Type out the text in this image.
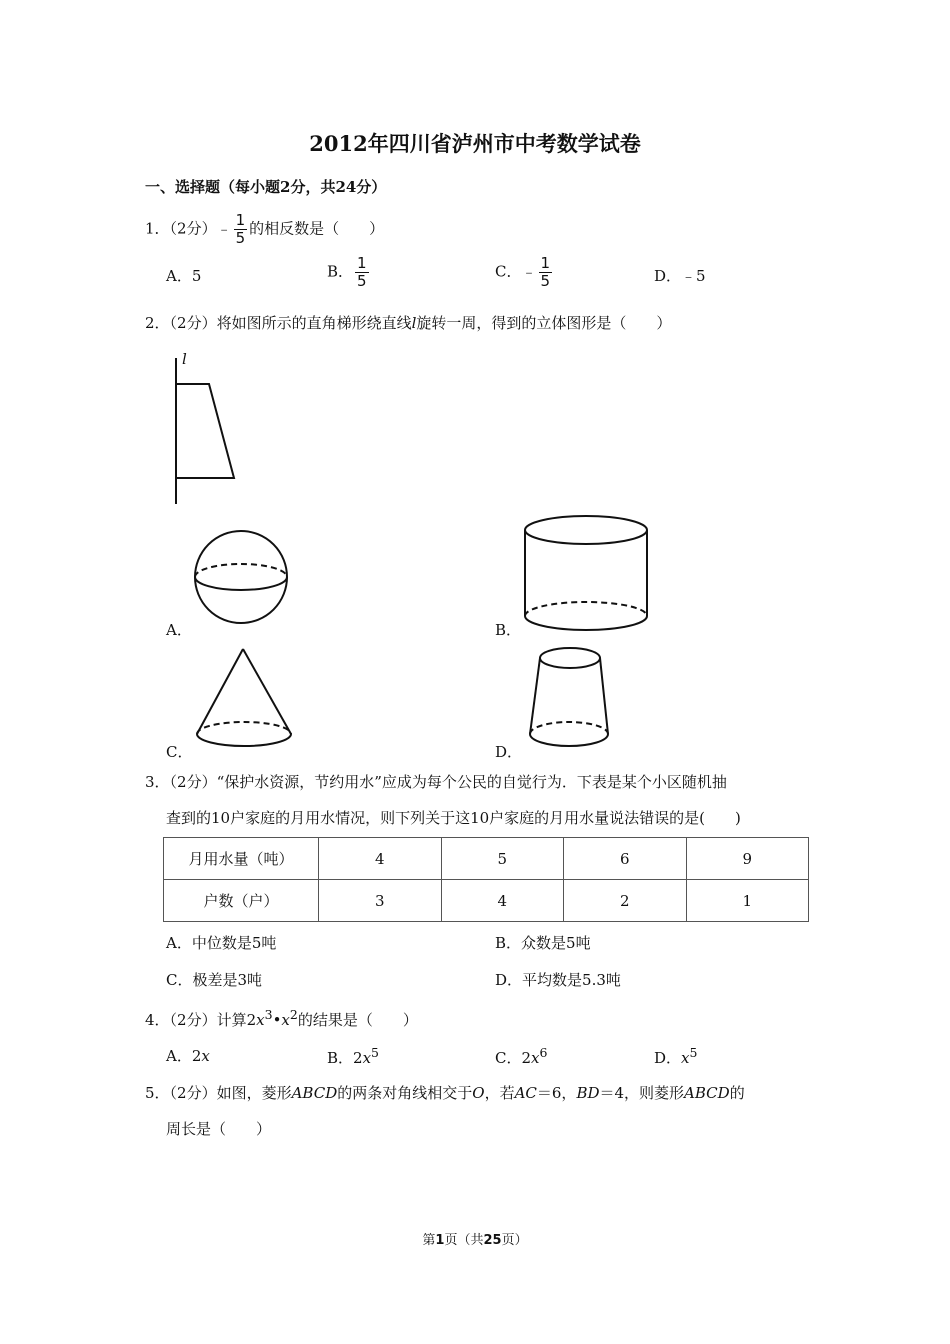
2012年四川省泸州市中考数学试卷
一、选择题（每小题2分，共24分）
1．（2分）﹣ $\frac{1}{5}$ 的相反数是（　　）
A．5	B． $\frac{1}{5}$	C．﹣ $\frac{1}{5}$	D．﹣5
2．（2分）将如图所示的直角梯形绕直线l旋转一周，得到的立体图形是（　　）
l
A．	B．
C．	D．
3．（2分）“保护水资源，节约用水”应成为每个公民的自觉行为．下表是某个小区随机抽
查到的10户家庭的月用水情况，则下列关于这10户家庭的月用水量说法错误的是(　　)
月用水量（吨）	4	5	6	9
户数（户）	3	4	2	1
A．中位数是5吨	B．众数是5吨
C．极差是3吨	D．平均数是5.3吨
4．（2分）计算$2x^3•x^2$的结果是（　　）
A．2x	B．$2x^5$	C．$2x^6$	D．$x^5$
5．（2分）如图，菱形ABCD的两条对角线相交于O，若AC＝6，BD＝4，则菱形ABCD的
周长是（　　）
第1页（共25页）
